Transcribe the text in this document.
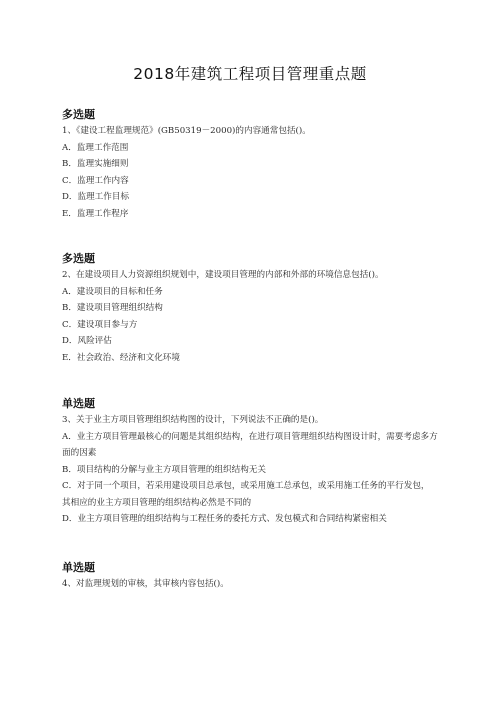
2018年建筑工程项目管理重点题

多选题

1、《建设工程监理规范》(GB50319－2000)的内容通常包括()。

A．监理工作范围
B．监理实施细则
C．监理工作内容
D．监理工作目标
E．监理工作程序

多选题

2、在建设项目人力资源组织规划中，建设项目管理的内部和外部的环境信息包括()。

A．建设项目的目标和任务
B．建设项目管理组织结构
C．建设项目参与方
D．风险评估
E．社会政治、经济和文化环境

单选题

3、关于业主方项目管理组织结构图的设计，下列说法不正确的是()。

A．业主方项目管理最核心的问题是其组织结构，在进行项目管理组织结构图设计时，需要考虑多方面的因素
B．项目结构的分解与业主方项目管理的组织结构无关
C．对于同一个项目，若采用建设项目总承包，或采用施工总承包，或采用施工任务的平行发包，其相应的业主方项目管理的组织结构必然是不同的
D．业主方项目管理的组织结构与工程任务的委托方式、发包模式和合同结构紧密相关

单选题

4、对监理规划的审核，其审核内容包括()。
